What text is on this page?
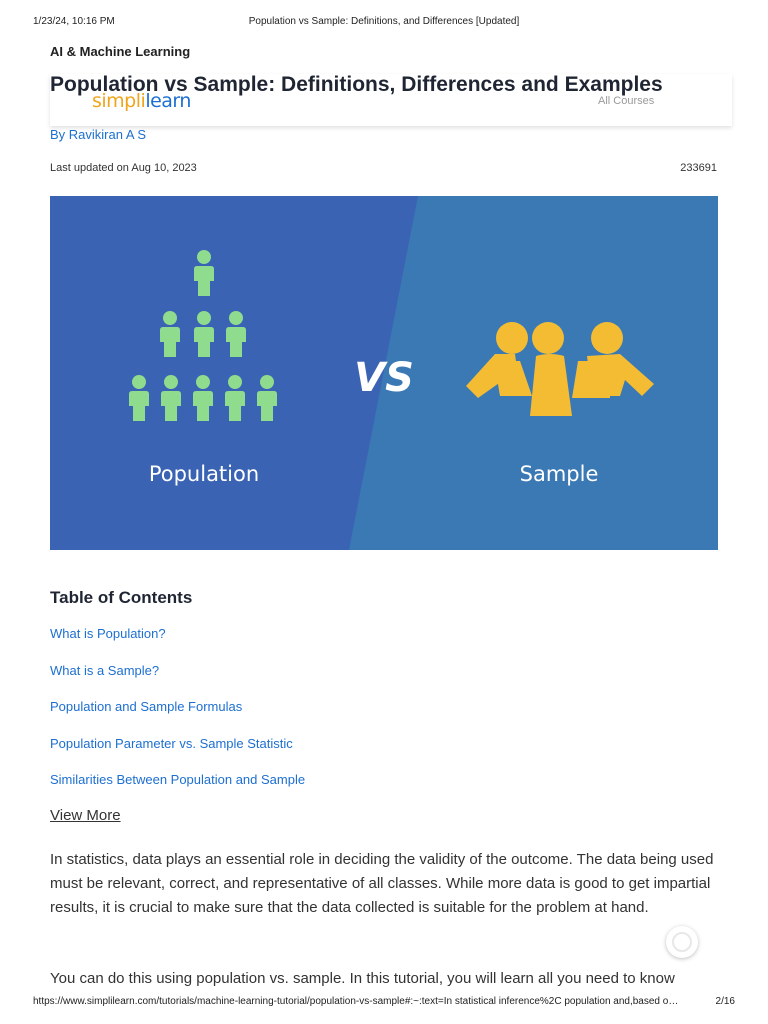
1/23/24, 10:16 PM	Population vs Sample: Definitions, and Differences [Updated]
AI & Machine Learning
simplilearn	All Courses
Population vs Sample: Definitions, Differences and Examples
By Ravikiran A S
Last updated on Aug 10, 2023	233691
Population
VS
Sample
Table of Contents
What is Population?
What is a Sample?
Population and Sample Formulas
Population Parameter vs. Sample Statistic
Similarities Between Population and Sample
View More

In statistics, data plays an essential role in deciding the validity of the outcome. The data being used must be relevant, correct, and representative of all classes. While more data is good to get impartial results, it is crucial to make sure that the data collected is suitable for the problem at hand.

You can do this using population vs. sample. In this tutorial, you will learn all you need to know

https://www.simplilearn.com/tutorials/machine-learning-tutorial/population-vs-sample#:~:text=In statistical inference%2C population and,based o…	2/16
